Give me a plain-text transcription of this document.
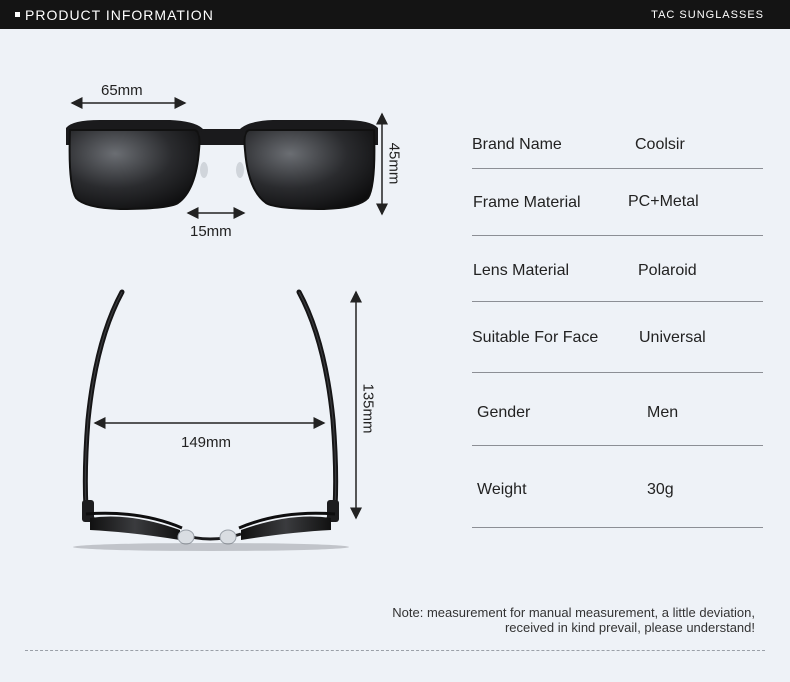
PRODUCT INFORMATION	TAC SUNGLASSES
65mm
15mm
45mm
149mm
135mm
Brand Name	Coolsir
Frame Material	PC+Metal
Lens Material	Polaroid
Suitable For Face	Universal
Gender	Men
Weight	30g
Note: measurement for manual measurement, a little deviation,
received in kind prevail, please understand!
